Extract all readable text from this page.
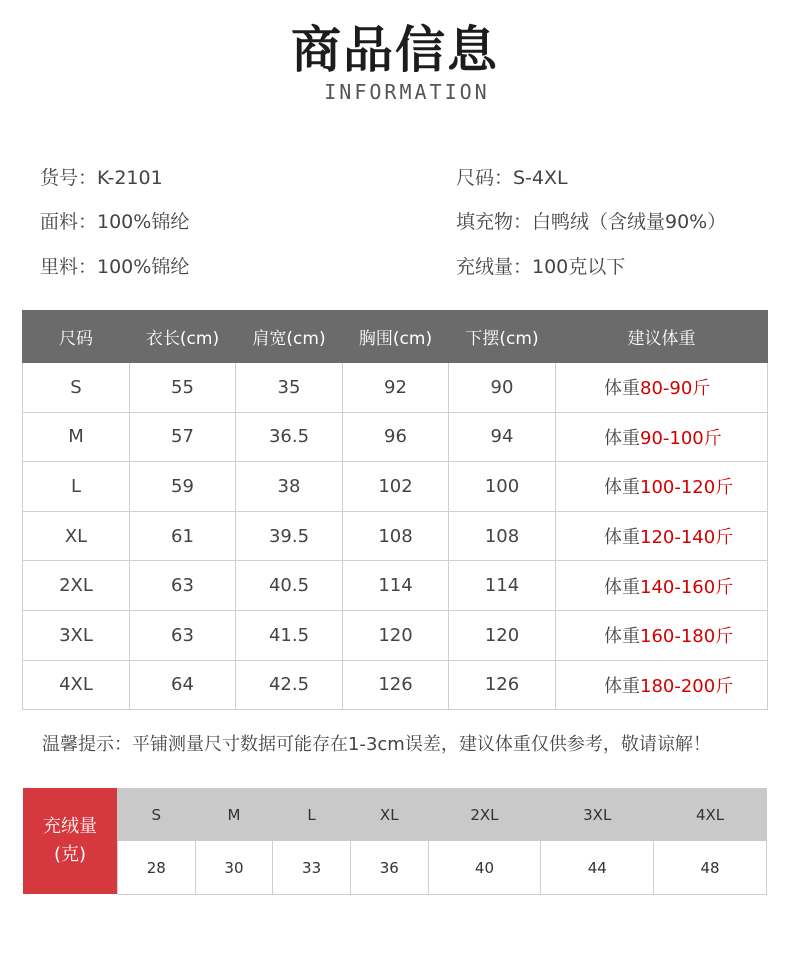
商品信息
INFORMATION
货号：K-2101	尺码：S-4XL
面料：100%锦纶	填充物：白鸭绒（含绒量90%）
里料：100%锦纶	充绒量：100克以下
尺码	衣长(cm)	肩宽(cm)	胸围(cm)	下摆(cm)	建议体重
S	55	35	92	90	体重80-90斤
M	57	36.5	96	94	体重90-100斤
L	59	38	102	100	体重100-120斤
XL	61	39.5	108	108	体重120-140斤
2XL	63	40.5	114	114	体重140-160斤
3XL	63	41.5	120	120	体重160-180斤
4XL	64	42.5	126	126	体重180-200斤
温馨提示：平铺测量尺寸数据可能存在1-3cm误差，建议体重仅供参考，敬请谅解！
充绒量
(克)
S	M	L	XL	2XL	3XL	4XL
28	30	33	36	40	44	48
